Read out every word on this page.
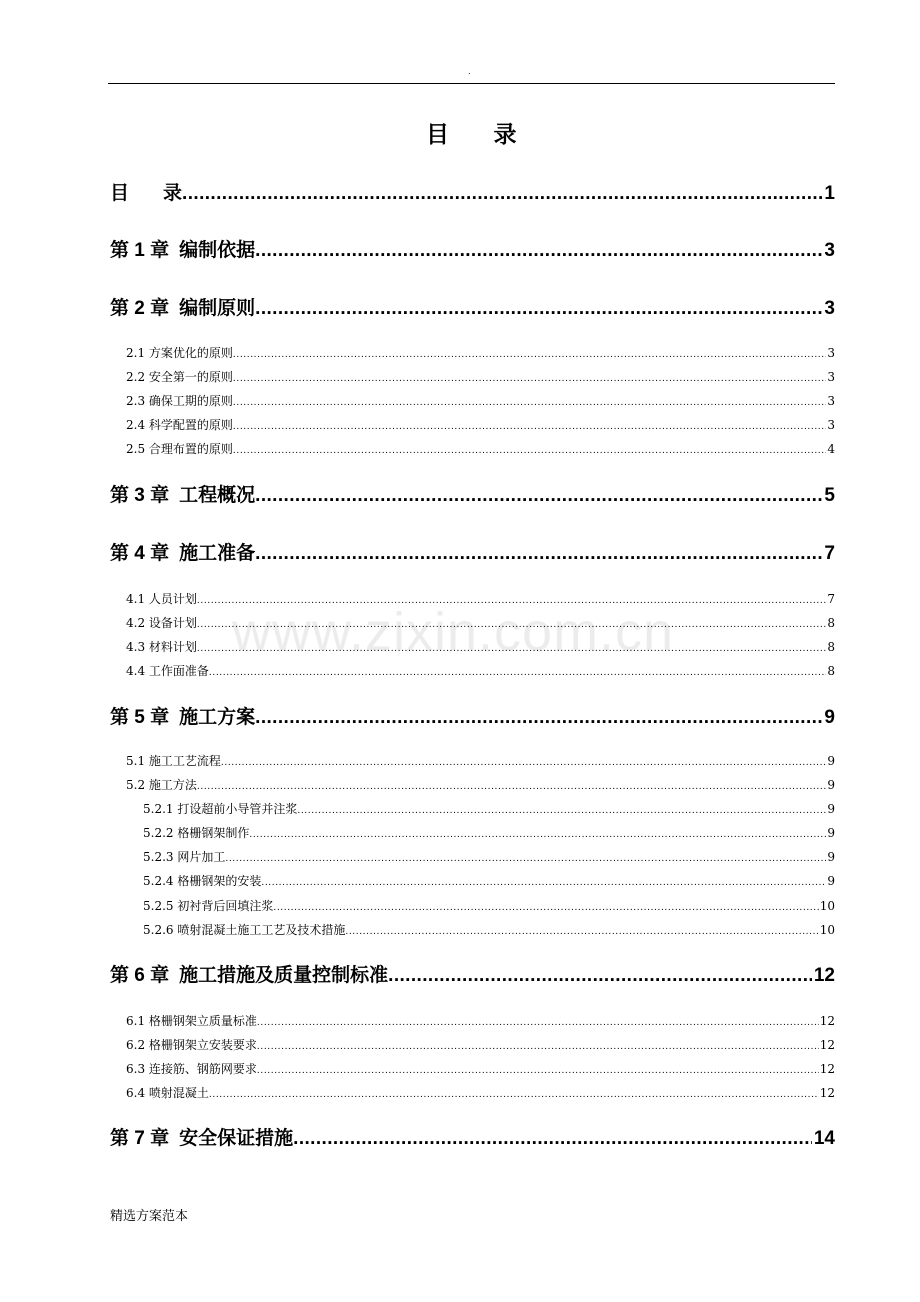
.
目 录
目 录 .....	1
第 1 章 编制依据 .....	3
第 2 章 编制原则 .....	3
2.1 方案优化的原则 .....	3
2.2 安全第一的原则 .....	3
2.3 确保工期的原则 .....	3
2.4 科学配置的原则 .....	3
2.5 合理布置的原则 .....	4
第 3 章 工程概况 .....	5
第 4 章 施工准备 .....	7
4.1 人员计划 .....	7
4.2 设备计划 .....	8
4.3 材料计划 .....	8
4.4 工作面准备 .....	8
第 5 章 施工方案 .....	9
5.1 施工工艺流程 .....	9
5.2 施工方法 .....	9
5.2.1 打设超前小导管并注浆 .....	9
5.2.2 格栅钢架制作 .....	9
5.2.3 网片加工 .....	9
5.2.4 格栅钢架的安装 .....	9
5.2.5 初衬背后回填注浆 .....	10
5.2.6 喷射混凝土施工工艺及技术措施 .....	10
第 6 章 施工措施及质量控制标准 .....	12
6.1 格栅钢架立质量标准 .....	12
6.2 格栅钢架立安装要求 .....	12
6.3 连接筋、钢筋网要求 .....	12
6.4 喷射混凝土 .....	12
第 7 章 安全保证措施 .....	14
www.zixin.com.cn
精选方案范本
